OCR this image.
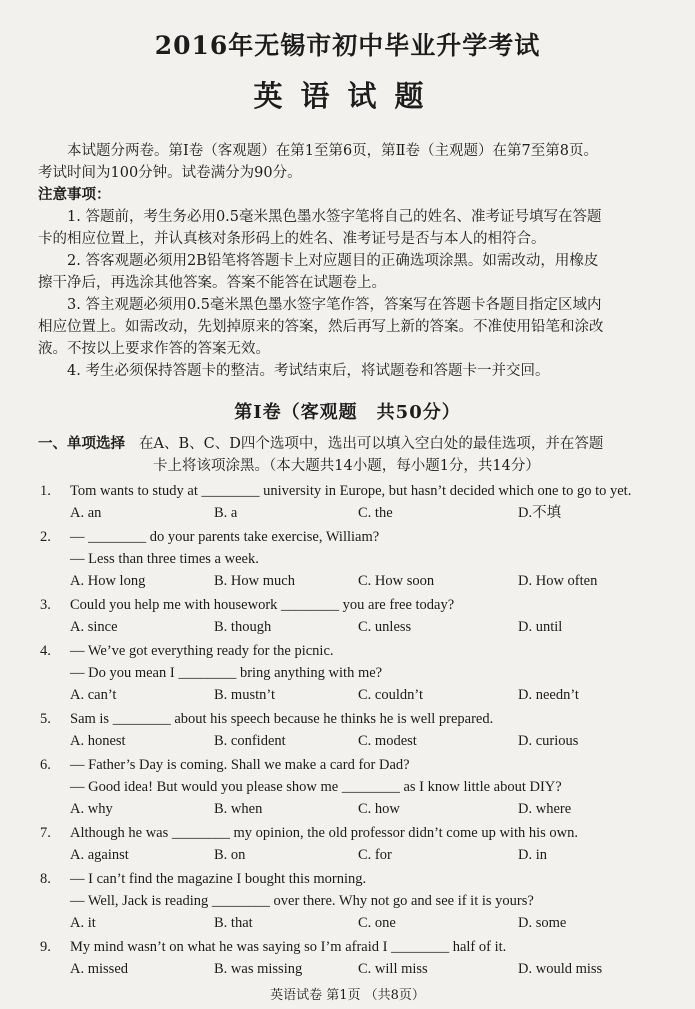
2016年无锡市初中毕业升学考试
英语试题

本试题分两卷。第Ⅰ卷（客观题）在第1至第6页，第Ⅱ卷（主观题）在第7至第8页。

考试时间为100分钟。试卷满分为90分。

注意事项：

1. 答题前，考生务必用0.5毫米黑色墨水签字笔将自己的姓名、准考证号填写在答题

卡的相应位置上，并认真核对条形码上的姓名、准考证号是否与本人的相符合。

2. 答客观题必须用2B铅笔将答题卡上对应题目的正确选项涂黑。如需改动，用橡皮

擦干净后，再选涂其他答案。答案不能答在试题卷上。

3. 答主观题必须用0.5毫米黑色墨水签字笔作答，答案写在答题卡各题目指定区域内

相应位置上。如需改动，先划掉原来的答案，然后再写上新的答案。不准使用铅笔和涂改

液。不按以上要求作答的答案无效。

4. 考生必须保持答题卡的整洁。考试结束后，将试题卷和答题卡一并交回。

第Ⅰ卷（客观题　共50分）
一、单项选择 在A、B、C、D四个选项中，选出可以填入空白处的最佳选项，并在答题
卡上将该项涂黑。（本大题共14小题，每小题1分，共14分）
1.	Tom wants to study at ________ university in Europe, but hasn’t decided which one to go to yet.
A. an	B. a	C. the	D.不填
2.	— ________ do your parents take exercise, William?
— Less than three times a week.
A. How long	B. How much	C. How soon	D. How often
3.	Could you help me with housework ________ you are free today?
A. since	B. though	C. unless	D. until
4.	— We’ve got everything ready for the picnic.
— Do you mean I ________ bring anything with me?
A. can’t	B. mustn’t	C. couldn’t	D. needn’t
5.	Sam is ________ about his speech because he thinks he is well prepared.
A. honest	B. confident	C. modest	D. curious
6.	— Father’s Day is coming. Shall we make a card for Dad?
— Good idea! But would you please show me ________ as I know little about DIY?
A. why	B. when	C. how	D. where
7.	Although he was ________ my opinion, the old professor didn’t come up with his own.
A. against	B. on	C. for	D. in
8.	— I can’t find the magazine I bought this morning.
— Well, Jack is reading ________ over there. Why not go and see if it is yours?
A. it	B. that	C. one	D. some
9.	My mind wasn’t on what he was saying so I’m afraid I ________ half of it.
A. missed	B. was missing	C. will miss	D. would miss
英语试卷 第1页 （共8页）
